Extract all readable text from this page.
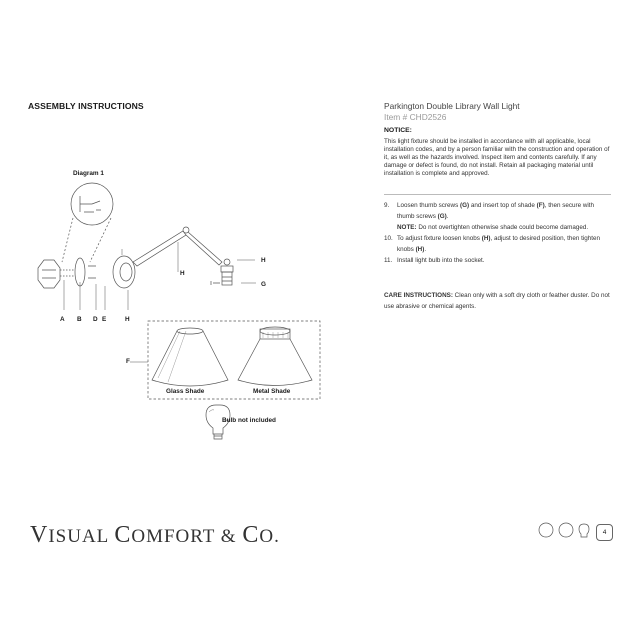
ASSEMBLY INSTRUCTIONS	Parkington Double Library Wall Light
Item # CHD2526
NOTICE:
This light fixture should be installed in accordance with all applicable, local installation codes, and by a person familiar with the construction and operation of it, as well as the hazards involved. Inspect item and contents carefully. If any damage or defect is found, do not install. Retain all packaging material until installation is complete and approved.
9. Loosen thumb screws (G) and insert top of shade (F), then secure with thumb screws (G).
NOTE: Do not overtighten otherwise shade could become damaged.
10. To adjust fixture loosen knobs (H), adjust to desired position, then tighten knobs (H).
11. Install light bulb into the socket.
CARE INSTRUCTIONS: Clean only with a soft dry cloth or feather duster. Do not use abrasive or chemical agents.
Diagram 1
A B D E	H
H
H
G
F
Glass Shade	Metal Shade
Bulb not included
VISUAL COMFORT & CO.	4
